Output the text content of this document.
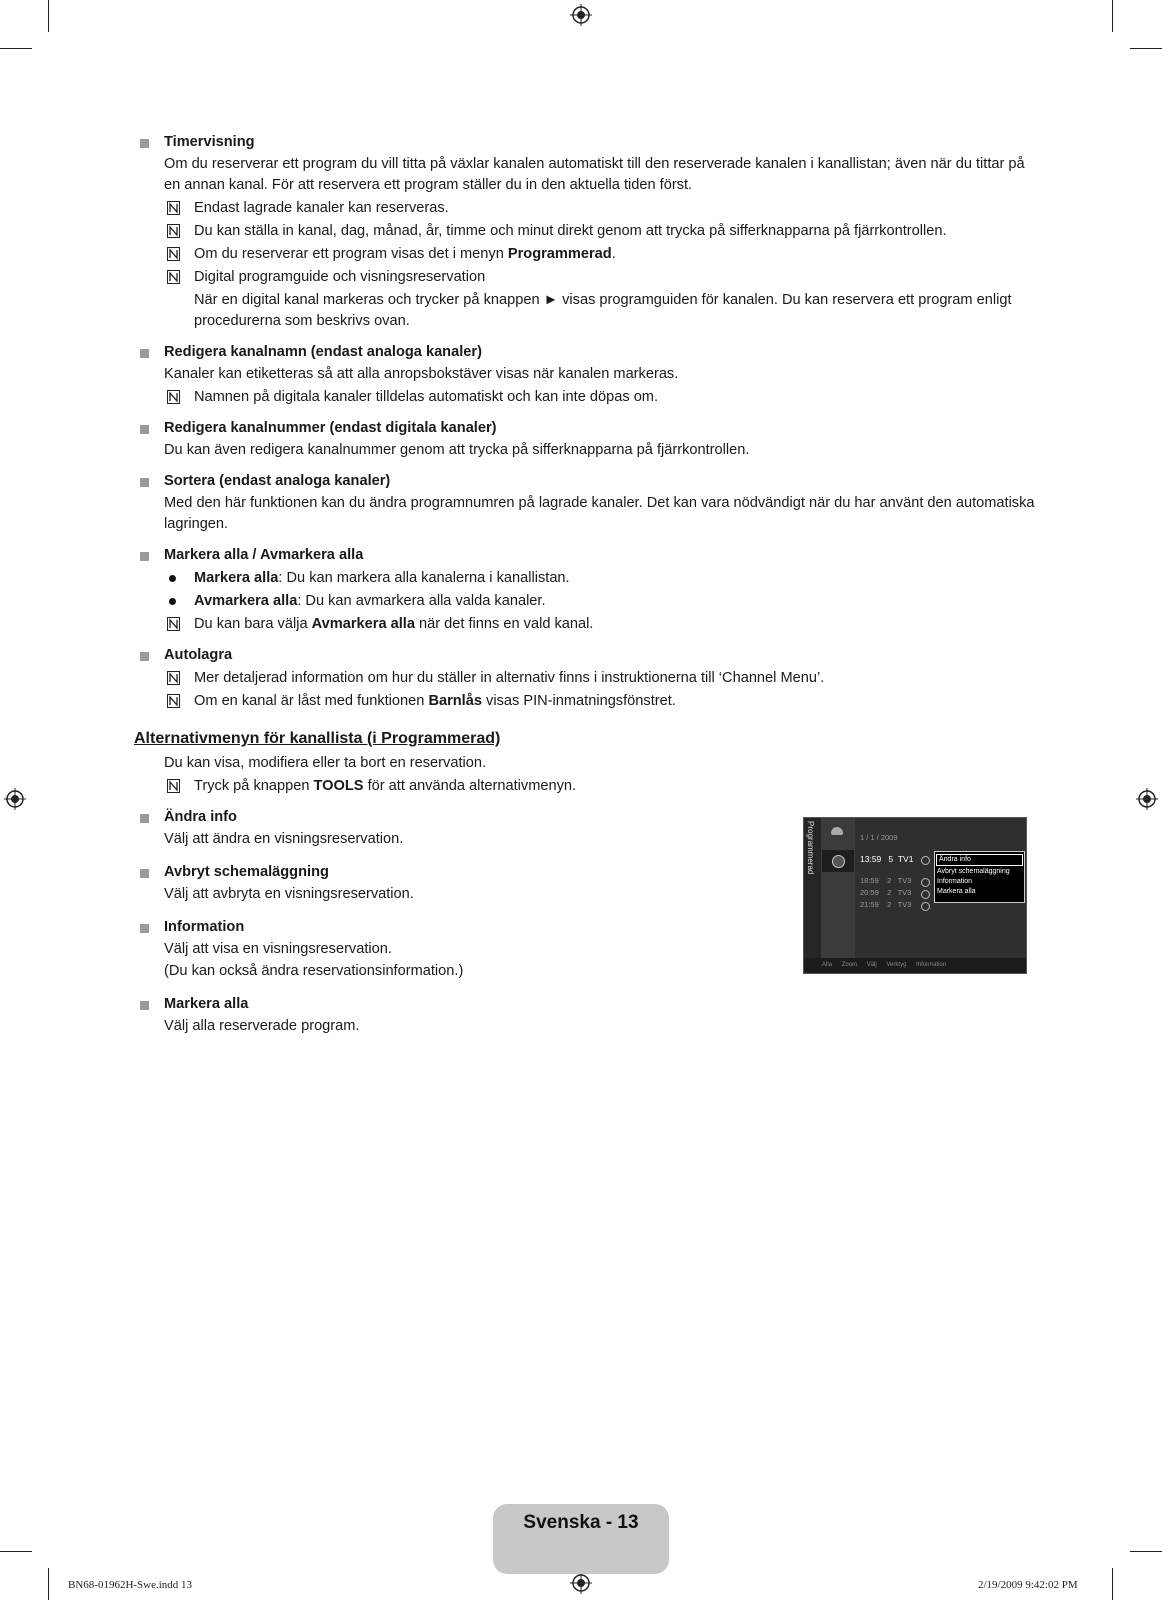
Timervisning

Om du reserverar ett program du vill titta på växlar kanalen automatiskt till den reserverade kanalen i kanallistan; även när du tittar på en annan kanal. För att reservera ett program ställer du in den aktuella tiden först.

Endast lagrade kanaler kan reserveras.
Du kan ställa in kanal, dag, månad, år, timme och minut direkt genom att trycka på sifferknapparna på fjärrkontrollen.
Om du reserverar ett program visas det i menyn Programmerad.
Digital programguide och visningsreservation
När en digital kanal markeras och trycker på knappen ► visas programguiden för kanalen. Du kan reservera ett program enligt procedurerna som beskrivs ovan.
Redigera kanalnamn (endast analoga kanaler)

Kanaler kan etiketteras så att alla anropsbokstäver visas när kanalen markeras.

Namnen på digitala kanaler tilldelas automatiskt och kan inte döpas om.
Redigera kanalnummer (endast digitala kanaler)

Du kan även redigera kanalnummer genom att trycka på sifferknapparna på fjärrkontrollen.

Sortera (endast analoga kanaler)

Med den här funktionen kan du ändra programnumren på lagrade kanaler. Det kan vara nödvändigt när du har använt den automatiska lagringen.

Markera alla / Avmarkera alla
Markera alla: Du kan markera alla kanalerna i kanallistan.
Avmarkera alla: Du kan avmarkera alla valda kanaler.
Du kan bara välja Avmarkera alla när det finns en vald kanal.
Autolagra
Mer detaljerad information om hur du ställer in alternativ finns i instruktionerna till ‘Channel Menu’.
Om en kanal är låst med funktionen Barnlås visas PIN-inmatningsfönstret.
Alternativmenyn för kanallista (i Programmerad)
Du kan visa, modifiera eller ta bort en reservation.
Tryck på knappen TOOLS för att använda alternativmenyn.
Ändra info

Välj att ändra en visningsreservation.

Avbryt schemaläggning

Välj att avbryta en visningsreservation.

Information

Välj att visa en visningsreservation.

(Du kan också ändra reservationsinformation.)

Markera alla

Välj alla reserverade program.

Programmerad	1 / 1 / 2009
13:59 5 TV1
18:59 2 TV3
20:59 2 TV3
21:59 2 TV3
Ändra info
Avbryt schemaläggning
Information
Markera alla
Alla Zoom Välj Verktyg Information
Svenska - 13
BN68-01962H-Swe.indd 13	2/19/2009 9:42:02 PM
